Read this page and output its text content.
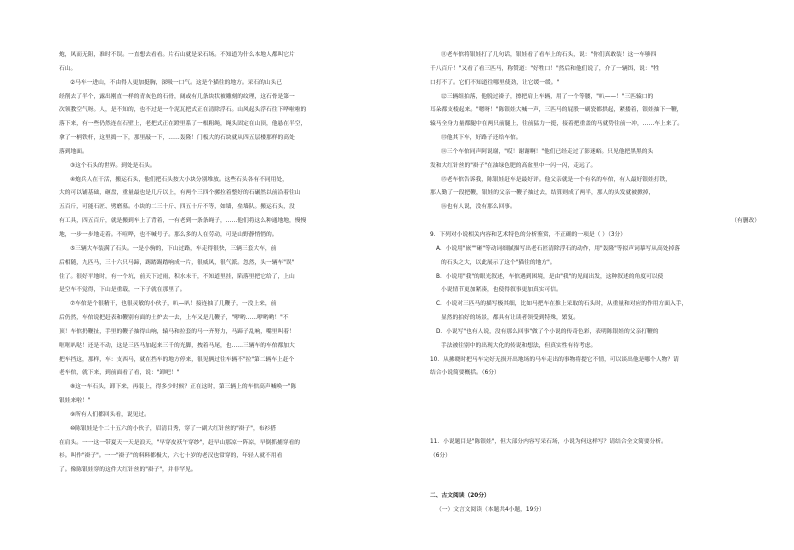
炮，风而无阻，准时不误。一直想去看看。片石山就是采石场。不知道为什么本地人都叫它片
石山。
②马车一进山，不由得人更加挺胸，深吸一口气。这是个猫往的地方。采石的山头已
经削去了半个，露出刚直一样的青灰色的石骨，阔或有几条块状被雕刻的纹理，这石骨是第一
次领教空气呀。人，是不知的，也不过是一个泥瓦把式正在清除浮石。山风起头浮石往下哗啦啦的
落下来，有一些仍然连在石壁上，老把式正在蹬里系了一根粗绳，绳头固定在山顶，他悬在半空，
拿了一柄铁杆，这里捣一下，那里敲一下，……轰隆！门板大的石块就从四五层楼那样的高处
落到地面。
③这个石头的世界。到处是石头。
④炮兵人在干活，搬运石头，他们把石头按大小块分别堆放。这些石头各有不同用处，
大的可以铺基础，砸盘，重量最也是几斤以上，有两个三四个骡拉着整好的石碾然以前沿着往山
五百斤，可能石匠、劈磨墓。小块的二三十斤、四五十斤不等，如墙，垒墙队。搬运石头，没
有工具，四五百斤，就是搬到车上了背着，一有老到一条条绳子，……他们将这么种通地地，慢慢
地，一步一步地走着。不喧哗，也不喊号子。那么多的人在劳动，可是山野静悄悄的。
⑤三辆大车装满了石头。一是小驹的，下山过路，车走得很快，三辆三套大车，前
后相随，九匹马，三十六只马蹄，踢踏踢踏响成一片，很威风，很气派。忽然，头一辆车"误"
住了。很好平地时，有一个坑，前天下过雨，积水未干，不知道里挂，陷落里把它给了，上山
是空车不觉得，下山是重载，一下子就在那里了。
⑦车倌是个很精干，也很灵敏的小伙子，叭—叭！接连抽了几鞭子，一没上来，前
后仍然，车倌说把赶表和鞭别有面的土炉去一去，上车又是几鞭子，"咿哟……咿哟哟！"不
顶！车倌扔鞭扯，手里的鞭子抽得山响，辕马和拉套的马一齐努力，马蹄子乱响，嘴里叫着！
哐哐叭哒！还是不动，这是三匹马加起来三千的光脚，拽着马尾，也……三辆车的车倌都加大
把车挡这，那样，车：支西马，就在挡车的地方停来，很见俩过往车辆不"拉"第二辆车上赶个
老车倌，就下来，到前面看了看，说："卸吧！"
⑧这一车石头，卸下来，再装上，得多少时候？正在这时，第三辆上的车倌高声喊唤一"陈
银娃来啦！"
⑨所有人们都回头看，说见过。
⑩陈银娃是个二十五六的小伙子，眉清目秀，穿了一副大红针丝的"褂子"，布衫搭
在肩头。一一这一带夏天一天是浪天，"早穿皮袄午穿纱"，赶早山那凉一阵凉，早倒抓捕穿看的
衫。叫作"褂子"。一一"褂子"的料料都极大，六七十岁的老汉也常穿的，年轻人就不用看
了。像陈银娃穿的这件大红针丝的"褂子"，并非罕见。
⑪老车倌将银娃打了几句话，银娃看了看车上的石头，说："你们真敢装！这一车够四
千八百斤！"又看了看三匹马，称赞道："好牲口！"然后和他们说了，介了一辆饵，说："牲
口打不了。它们不知道往哪里使劲，让它缓一缓。"
⑫三辆组拍落，他脱过褂子，擦把肩上车辆，用了一个等腰，"叭——！"三匹辕口的
耳朵都支棱起来。"嗯呀！"陈银娃大喊一声，三匹马的屁股一刷瓷都拱起，紧搂着，银娃抽下一鞭，
辕马全身力量都腿中在两只前腿上，往前猛力一挺，接着把重盖的马就势往前一冲，……车上来了。
⑬他其下车，好路子还给车倌。
⑭三个车倌同声阿说谢，"哎！谢谢啊！"他们已经走过了影迷峪。只见他把黑黑的头
发和大红针丝的"褂子"在油绿色肥的高盆里中一闪一闪，走远了。
⑮老车倌告诉我，陈银娃赶车是最好评。他父亲就是一个有名的车倌，有人最好银娃打铁，
那人勤了一段把鞭，银娃的父亲一鞭子抽过去，结算则成了两半，那人的头发就被掀掉，
⑯也有人说，没有那么回事。
（有删改）
9．下列对小说相关内容和艺术特色的分析鉴赏，不正确的一项是（ ）（3分）
A．小说用"嵌""砸"等动词细腻描写出老石匠清除浮石的动作，用"轰隆"等拟声词摹写从高处掉落
的石头之大，以此展示了这个"猫往的地方"。
B．小说用"我"的眼光叙述，车倌遇到困境，是由"我"的见闻出发，这种叙述的角度可以使
小说情节更加紧凑，也使得叙事更加真实可信。
C．小说对三匹马的描写极其细，比如马把车在推上采取的石头时，从重量和对应的作用方面入手，
显然的拍好的场景，都具有让读者领受到特殊，繁复。
D．小说写"也有人说，没有那么回事"做了个小说的传奇色彩，表明陈银娃的父亲打鞭的
手法被往别中的出现大化的传说和想法，但真实性有待考虑。
10．从拂晓时把马车完好无损开出地场的马车走出的事物将提它不情，可以谈出他是哪个人物？请
结合小说简要概括。（6分）
11．小说题目是"陈银娃"，但大部分内容写采石场，小说为何这样写？请结合全文简要分析。
（6分）
二、古文阅读（20分）
（一）文言文阅读（本题共4小题，19分）
